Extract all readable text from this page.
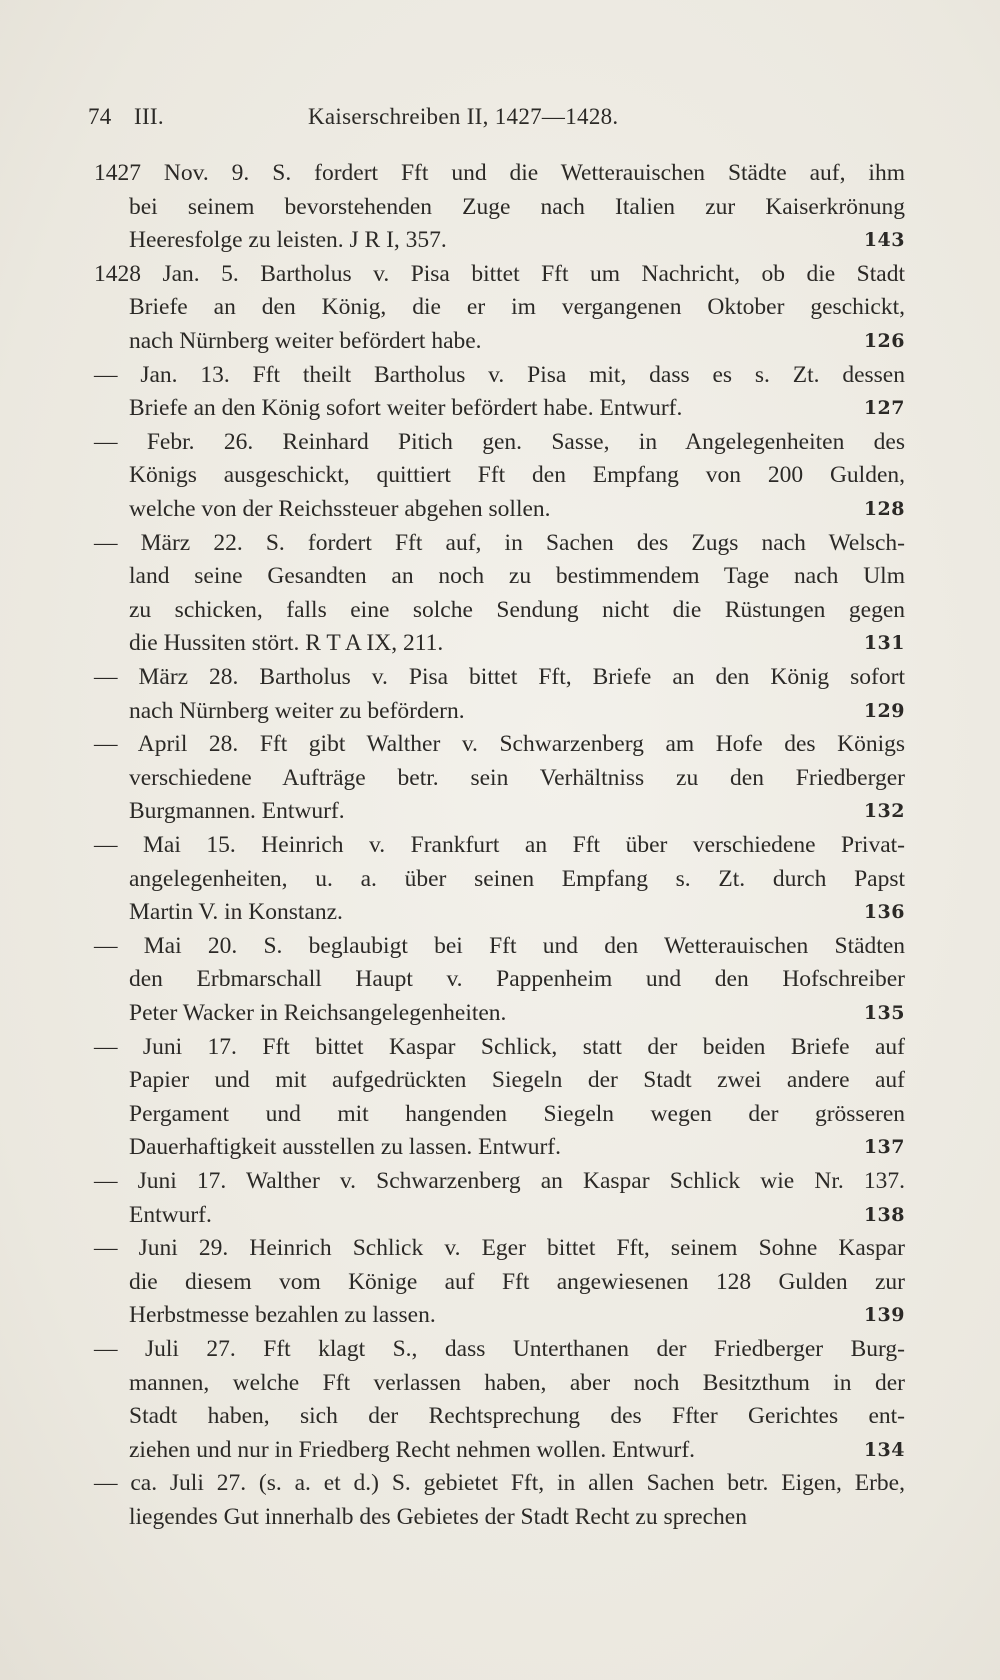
74 III.	Kaiserschreiben II, 1427—1428.
1427 Nov. 9. S. fordert Fft und die Wetterauischen Städte auf, ihm
bei seinem bevorstehenden Zuge nach Italien zur Kaiserkrönung
Heeresfolge zu leisten. J R I, 357.	143
1428 Jan. 5. Bartholus v. Pisa bittet Fft um Nachricht, ob die Stadt
Briefe an den König, die er im vergangenen Oktober geschickt,
nach Nürnberg weiter befördert habe.	126
— Jan. 13. Fft theilt Bartholus v. Pisa mit, dass es s. Zt. dessen
Briefe an den König sofort weiter befördert habe. Entwurf.	127
— Febr. 26. Reinhard Pitich gen. Sasse, in Angelegenheiten des
Königs ausgeschickt, quittiert Fft den Empfang von 200 Gulden,
welche von der Reichssteuer abgehen sollen.	128
— März 22. S. fordert Fft auf, in Sachen des Zugs nach Welsch-
land seine Gesandten an noch zu bestimmendem Tage nach Ulm
zu schicken, falls eine solche Sendung nicht die Rüstungen gegen
die Hussiten stört. R T A IX, 211.	131
— März 28. Bartholus v. Pisa bittet Fft, Briefe an den König sofort
nach Nürnberg weiter zu befördern.	129
— April 28. Fft gibt Walther v. Schwarzenberg am Hofe des Königs
verschiedene Aufträge betr. sein Verhältniss zu den Friedberger
Burgmannen. Entwurf.	132
— Mai 15. Heinrich v. Frankfurt an Fft über verschiedene Privat-
angelegenheiten, u. a. über seinen Empfang s. Zt. durch Papst
Martin V. in Konstanz.	136
— Mai 20. S. beglaubigt bei Fft und den Wetterauischen Städten
den Erbmarschall Haupt v. Pappenheim und den Hofschreiber
Peter Wacker in Reichsangelegenheiten.	135
— Juni 17. Fft bittet Kaspar Schlick, statt der beiden Briefe auf
Papier und mit aufgedrückten Siegeln der Stadt zwei andere auf
Pergament und mit hangenden Siegeln wegen der grösseren
Dauerhaftigkeit ausstellen zu lassen. Entwurf.	137
— Juni 17. Walther v. Schwarzenberg an Kaspar Schlick wie Nr. 137.
Entwurf.	138
— Juni 29. Heinrich Schlick v. Eger bittet Fft, seinem Sohne Kaspar
die diesem vom Könige auf Fft angewiesenen 128 Gulden zur
Herbstmesse bezahlen zu lassen.	139
— Juli 27. Fft klagt S., dass Unterthanen der Friedberger Burg-
mannen, welche Fft verlassen haben, aber noch Besitzthum in der
Stadt haben, sich der Rechtsprechung des Ffter Gerichtes ent-
ziehen und nur in Friedberg Recht nehmen wollen. Entwurf.	134
— ca. Juli 27. (s. a. et d.) S. gebietet Fft, in allen Sachen betr. Eigen, Erbe,
liegendes Gut innerhalb des Gebietes der Stadt Recht zu sprechen
